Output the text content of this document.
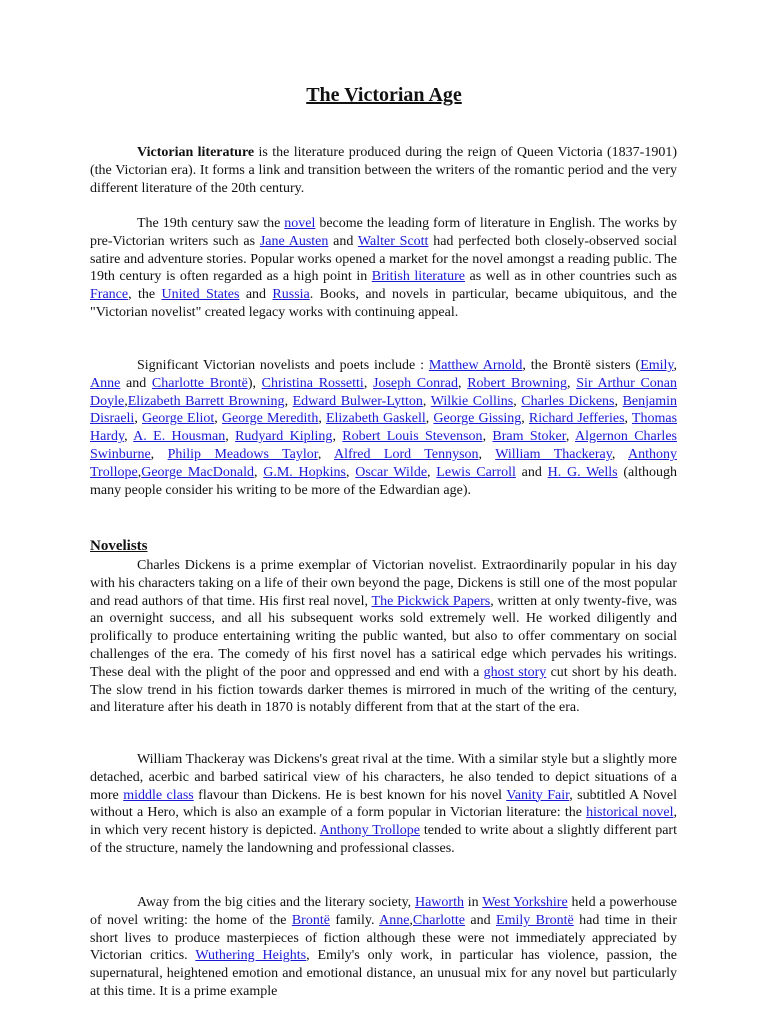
The Victorian Age

Victorian literature is the literature produced during the reign of Queen Victoria (1837-1901) (the Victorian era). It forms a link and transition between the writers of the romantic period and the very different literature of the 20th century.

The 19th century saw the novel become the leading form of literature in English. The works by pre-Victorian writers such as Jane Austen and Walter Scott had perfected both closely-observed social satire and adventure stories. Popular works opened a market for the novel amongst a reading public. The 19th century is often regarded as a high point in British literature as well as in other countries such as France, the United States and Russia. Books, and novels in particular, became ubiquitous, and the "Victorian novelist" created legacy works with continuing appeal.

Significant Victorian novelists and poets include : Matthew Arnold, the Brontë sisters (Emily, Anne and Charlotte Brontë), Christina Rossetti, Joseph Conrad, Robert Browning, Sir Arthur Conan Doyle,Elizabeth Barrett Browning, Edward Bulwer-Lytton, Wilkie Collins, Charles Dickens, Benjamin Disraeli, George Eliot, George Meredith, Elizabeth Gaskell, George Gissing, Richard Jefferies, Thomas Hardy, A. E. Housman, Rudyard Kipling, Robert Louis Stevenson, Bram Stoker, Algernon Charles Swinburne, Philip Meadows Taylor, Alfred Lord Tennyson, William Thackeray, Anthony Trollope,George MacDonald, G.M. Hopkins, Oscar Wilde, Lewis Carroll and H. G. Wells (although many people consider his writing to be more of the Edwardian age).

Novelists

Charles Dickens is a prime exemplar of Victorian novelist. Extraordinarily popular in his day with his characters taking on a life of their own beyond the page, Dickens is still one of the most popular and read authors of that time. His first real novel, The Pickwick Papers, written at only twenty-five, was an overnight success, and all his subsequent works sold extremely well. He worked diligently and prolifically to produce entertaining writing the public wanted, but also to offer commentary on social challenges of the era. The comedy of his first novel has a satirical edge which pervades his writings. These deal with the plight of the poor and oppressed and end with a ghost story cut short by his death. The slow trend in his fiction towards darker themes is mirrored in much of the writing of the century, and literature after his death in 1870 is notably different from that at the start of the era.

William Thackeray was Dickens's great rival at the time. With a similar style but a slightly more detached, acerbic and barbed satirical view of his characters, he also tended to depict situations of a more middle class flavour than Dickens. He is best known for his novel Vanity Fair, subtitled A Novel without a Hero, which is also an example of a form popular in Victorian literature: the historical novel, in which very recent history is depicted. Anthony Trollope tended to write about a slightly different part of the structure, namely the landowning and professional classes.

Away from the big cities and the literary society, Haworth in West Yorkshire held a powerhouse of novel writing: the home of the Brontë family. Anne,Charlotte and Emily Brontë had time in their short lives to produce masterpieces of fiction although these were not immediately appreciated by Victorian critics. Wuthering Heights, Emily's only work, in particular has violence, passion, the supernatural, heightened emotion and emotional distance, an unusual mix for any novel but particularly at this time. It is a prime example
